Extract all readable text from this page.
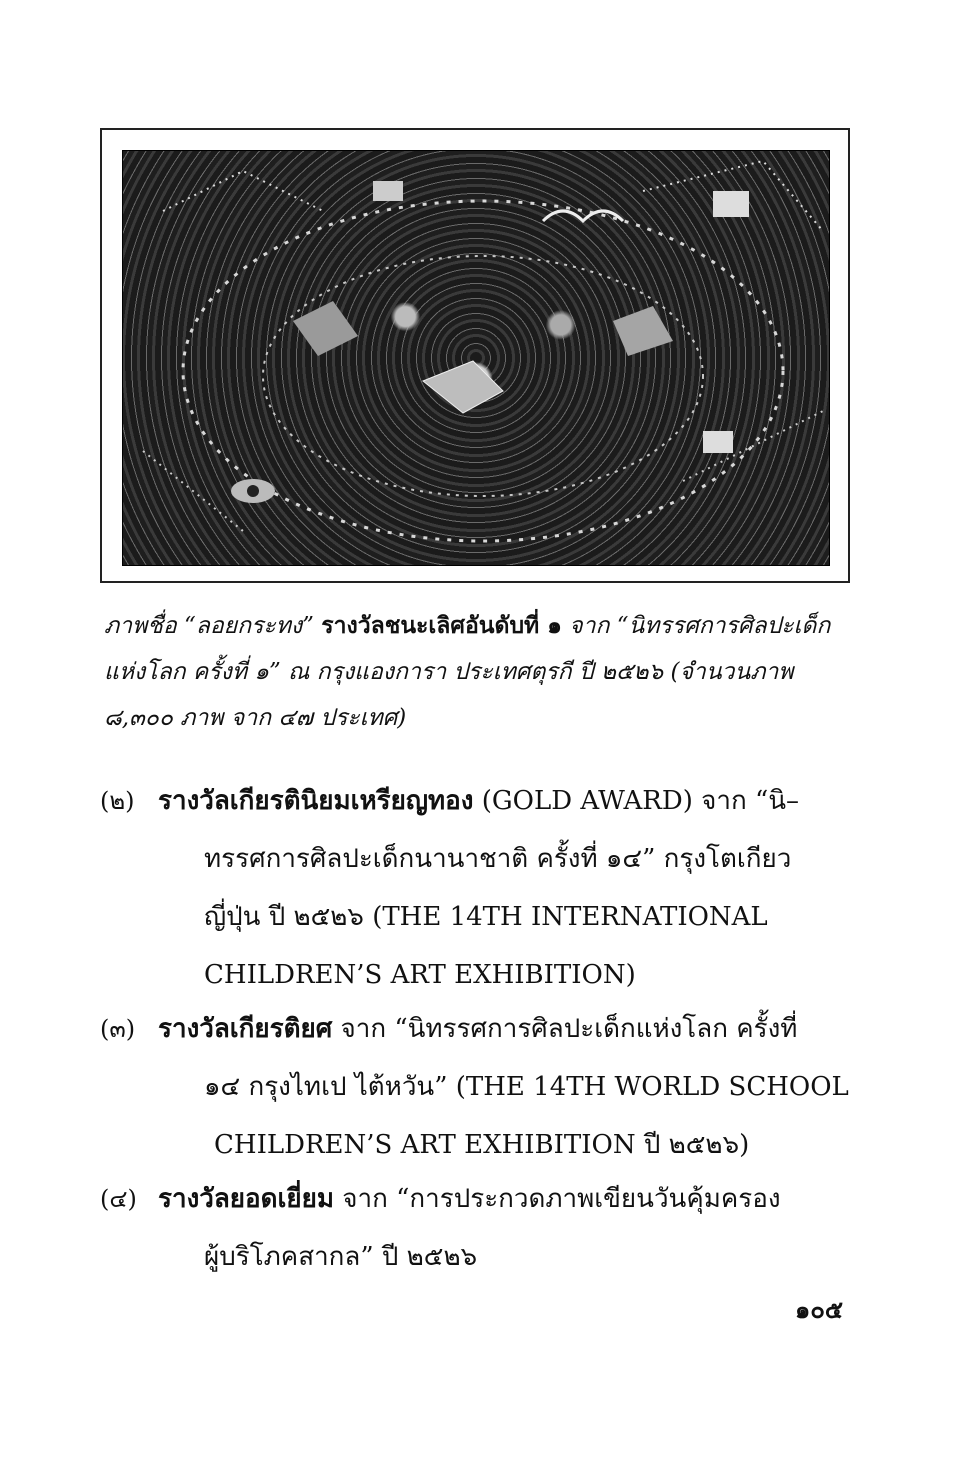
ภาพชื่อ “ลอยกระทง” รางวัลชนะเลิศอันดับที่ ๑ จาก “นิทรรศการศิลปะเด็กแห่งโลก ครั้งที่ ๑” ณ กรุงแองการา ประเทศตุรกี ปี ๒๕๒๖ (จำนวนภาพ ๘,๓๐๐ ภาพ จาก ๔๗ ประเทศ)
(๒) รางวัลเกียรตินิยมเหรียญทอง (GOLD AWARD) จาก “นิ–
ทรรศการศิลปะเด็กนานาชาติ ครั้งที่ ๑๔” กรุงโตเกียว
ญี่ปุ่น ปี ๒๕๒๖ (THE 14TH INTERNATIONAL
CHILDREN’S ART EXHIBITION)
(๓) รางวัลเกียรติยศ จาก “นิทรรศการศิลปะเด็กแห่งโลก ครั้งที่
๑๔ กรุงไทเป ไต้หวัน” (THE 14TH WORLD SCHOOL
CHILDREN’S ART EXHIBITION ปี ๒๕๒๖)
(๔) รางวัลยอดเยี่ยม จาก “การประกวดภาพเขียนวันคุ้มครอง
ผู้บริโภคสากล” ปี ๒๕๒๖
๑๐๕
